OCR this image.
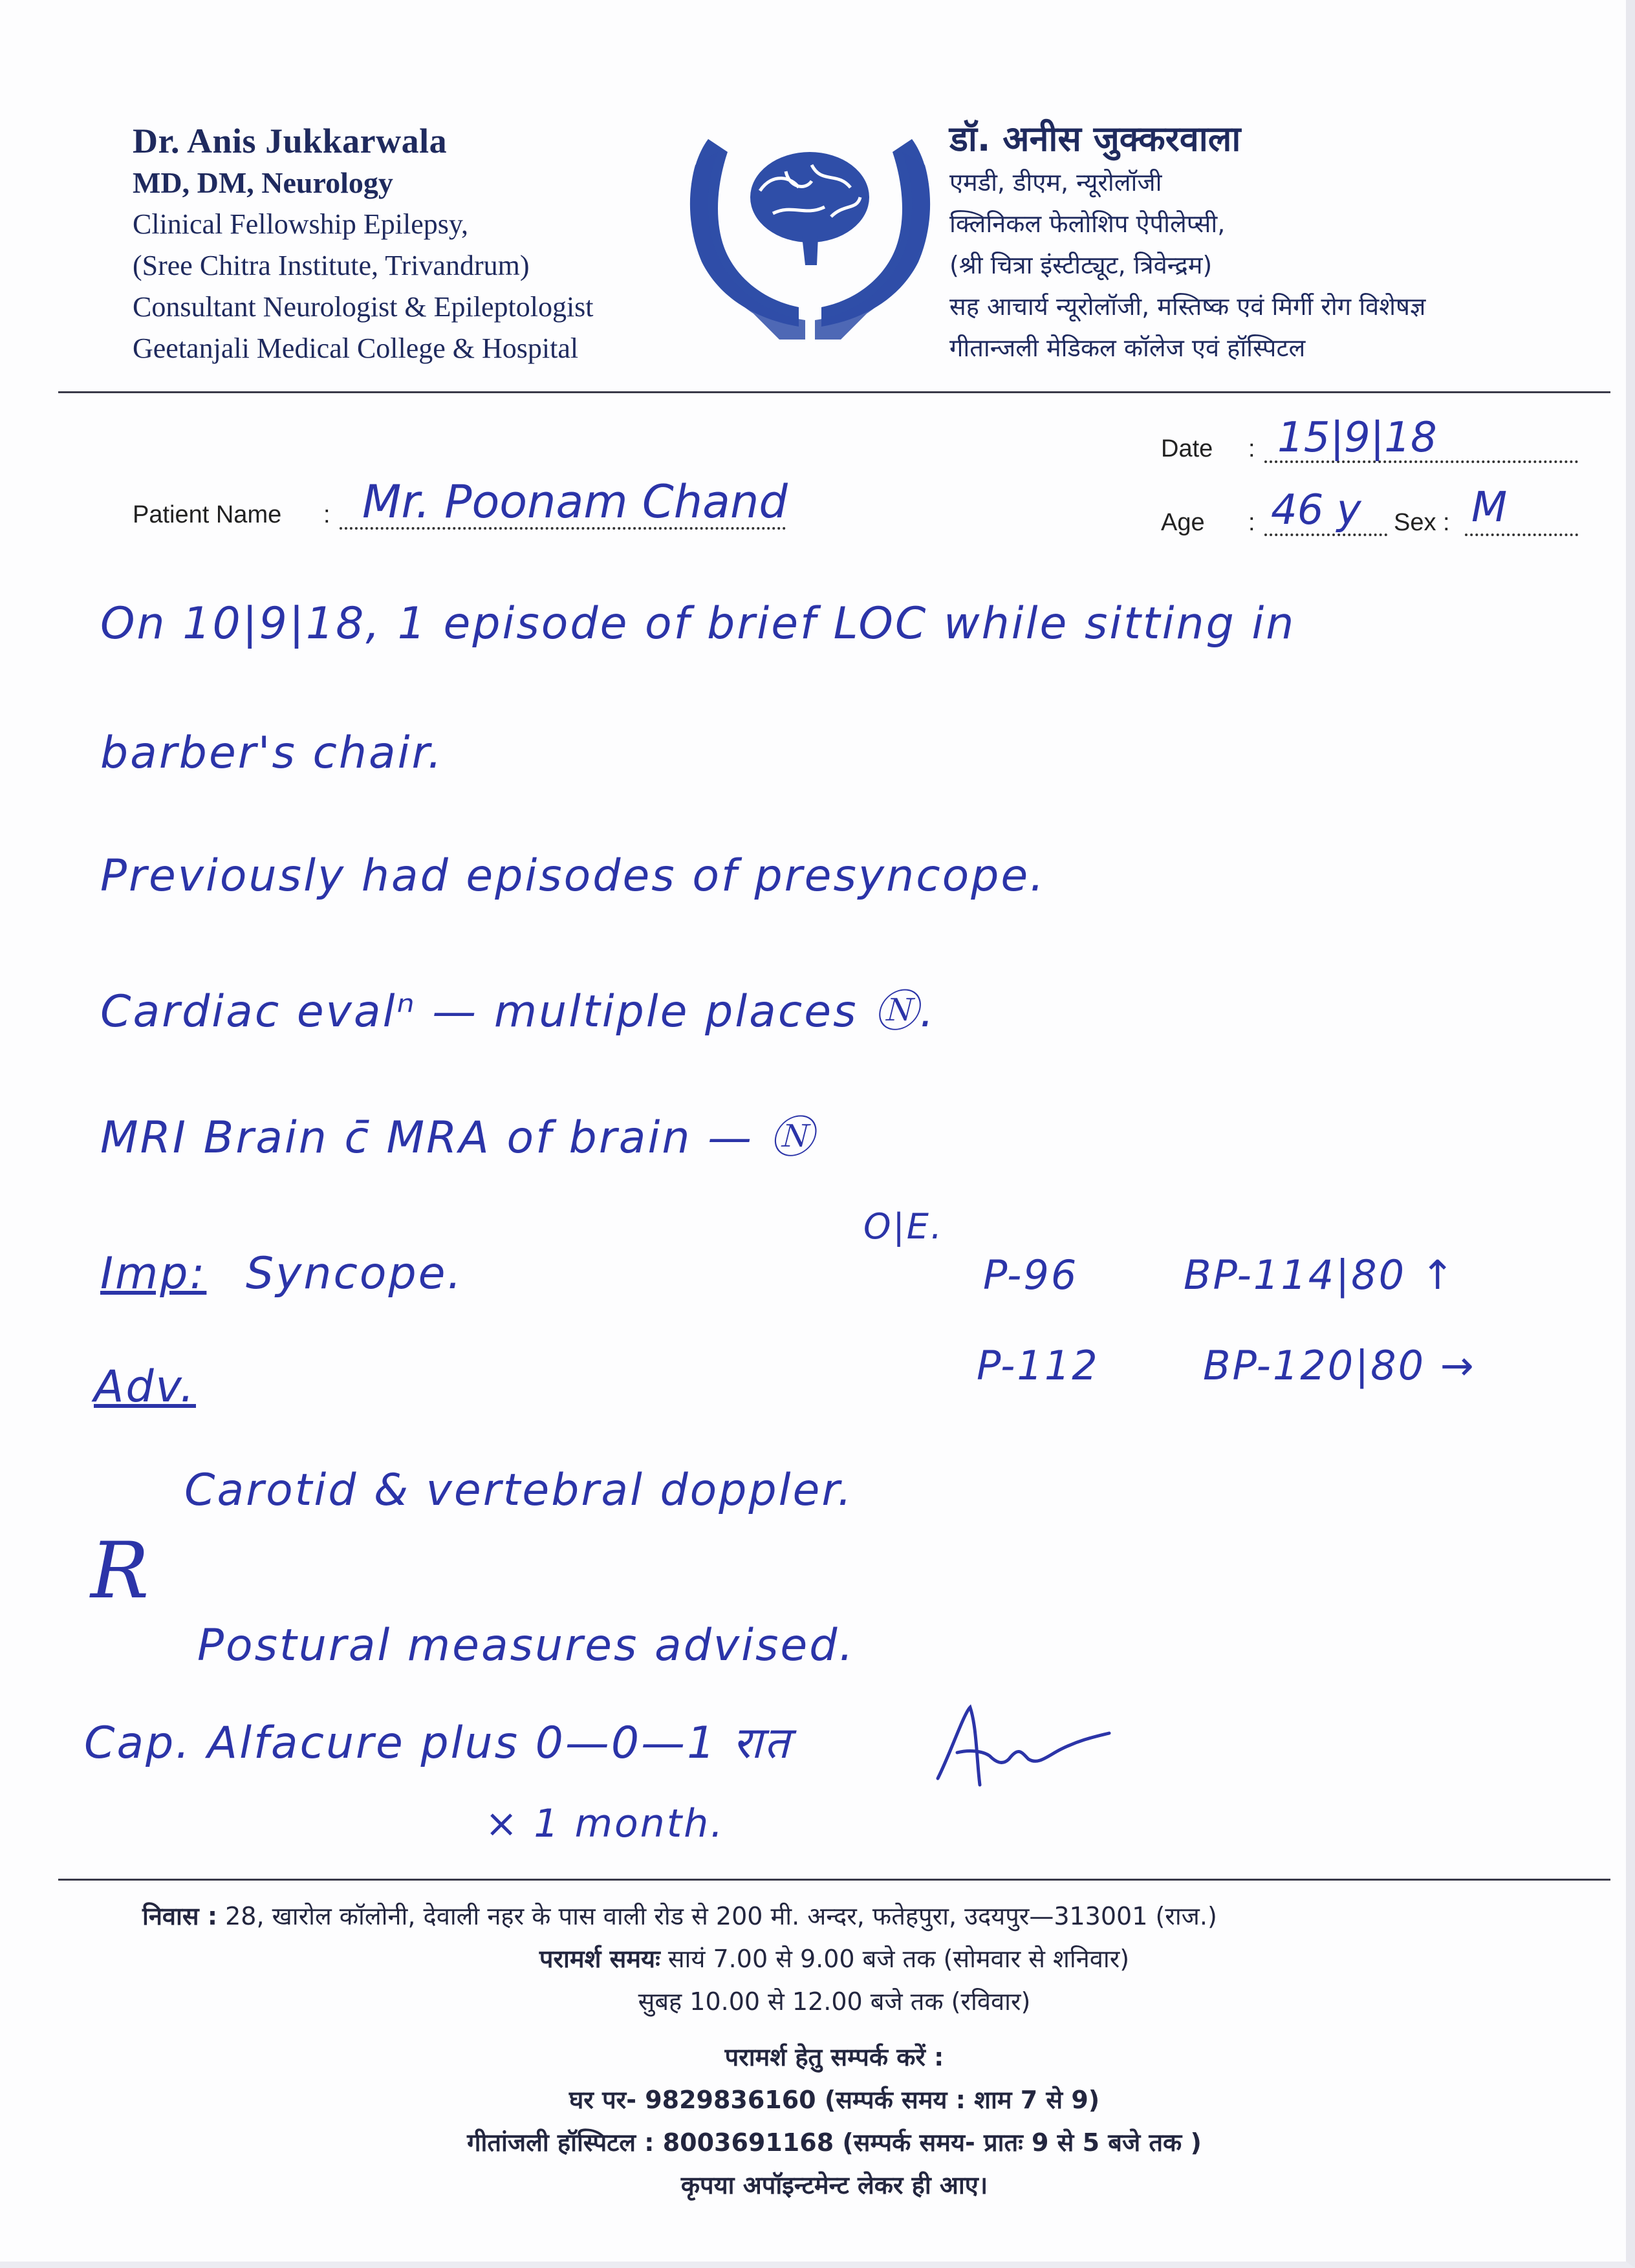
Dr. Anis Jukkarwala
MD, DM, Neurology
Clinical Fellowship Epilepsy,
(Sree Chitra Institute, Trivandrum)
Consultant Neurologist & Epileptologist
Geetanjali Medical College & Hospital
डॉ. अनीस जुक्करवाला
एमडी, डीएम, न्यूरोलॉजी
क्लिनिकल फेलोशिप ऐपीलेप्सी,
(श्री चित्रा इंस्टीट्यूट, त्रिवेन्द्रम)
सह आचार्य न्यूरोलॉजी, मस्तिष्क एवं मिर्गी रोग विशेषज्ञ
गीतान्जली मेडिकल कॉलेज एवं हॉस्पिटल
Date : 15|9|18
Patient Name : Mr. Poonam Chand	Age : 46 y Sex : M
On 10|9|18, 1 episode of brief LOC while sitting in
barber's chair.
Previously had episodes of presyncope.
Cardiac evalⁿ — multiple places Ⓝ.
MRI Brain c̄ MRA of brain — Ⓝ
O|E.
Imp: Syncope.	P-96	BP-114|80 ↑
P-112	BP-120|80 →
Adv.
Carotid & vertebral doppler.
R
Postural measures advised.
Cap. Alfacure plus 0—0—1 रात
× 1 month.
निवास : 28, खारोल कॉलोनी, देवाली नहर के पास वाली रोड से 200 मी. अन्दर, फतेहपुरा, उदयपुर—313001 (राज.)
परामर्श समयः सायं 7.00 से 9.00 बजे तक (सोमवार से शनिवार)
सुबह 10.00 से 12.00 बजे तक (रविवार)
परामर्श हेतु सम्पर्क करें :
घर पर- 9829836160 (सम्पर्क समय : शाम 7 से 9)
गीतांजली हॉस्पिटल : 8003691168 (सम्पर्क समय- प्रातः 9 से 5 बजे तक )
कृपया अपॉइन्टमेन्ट लेकर ही आए।
